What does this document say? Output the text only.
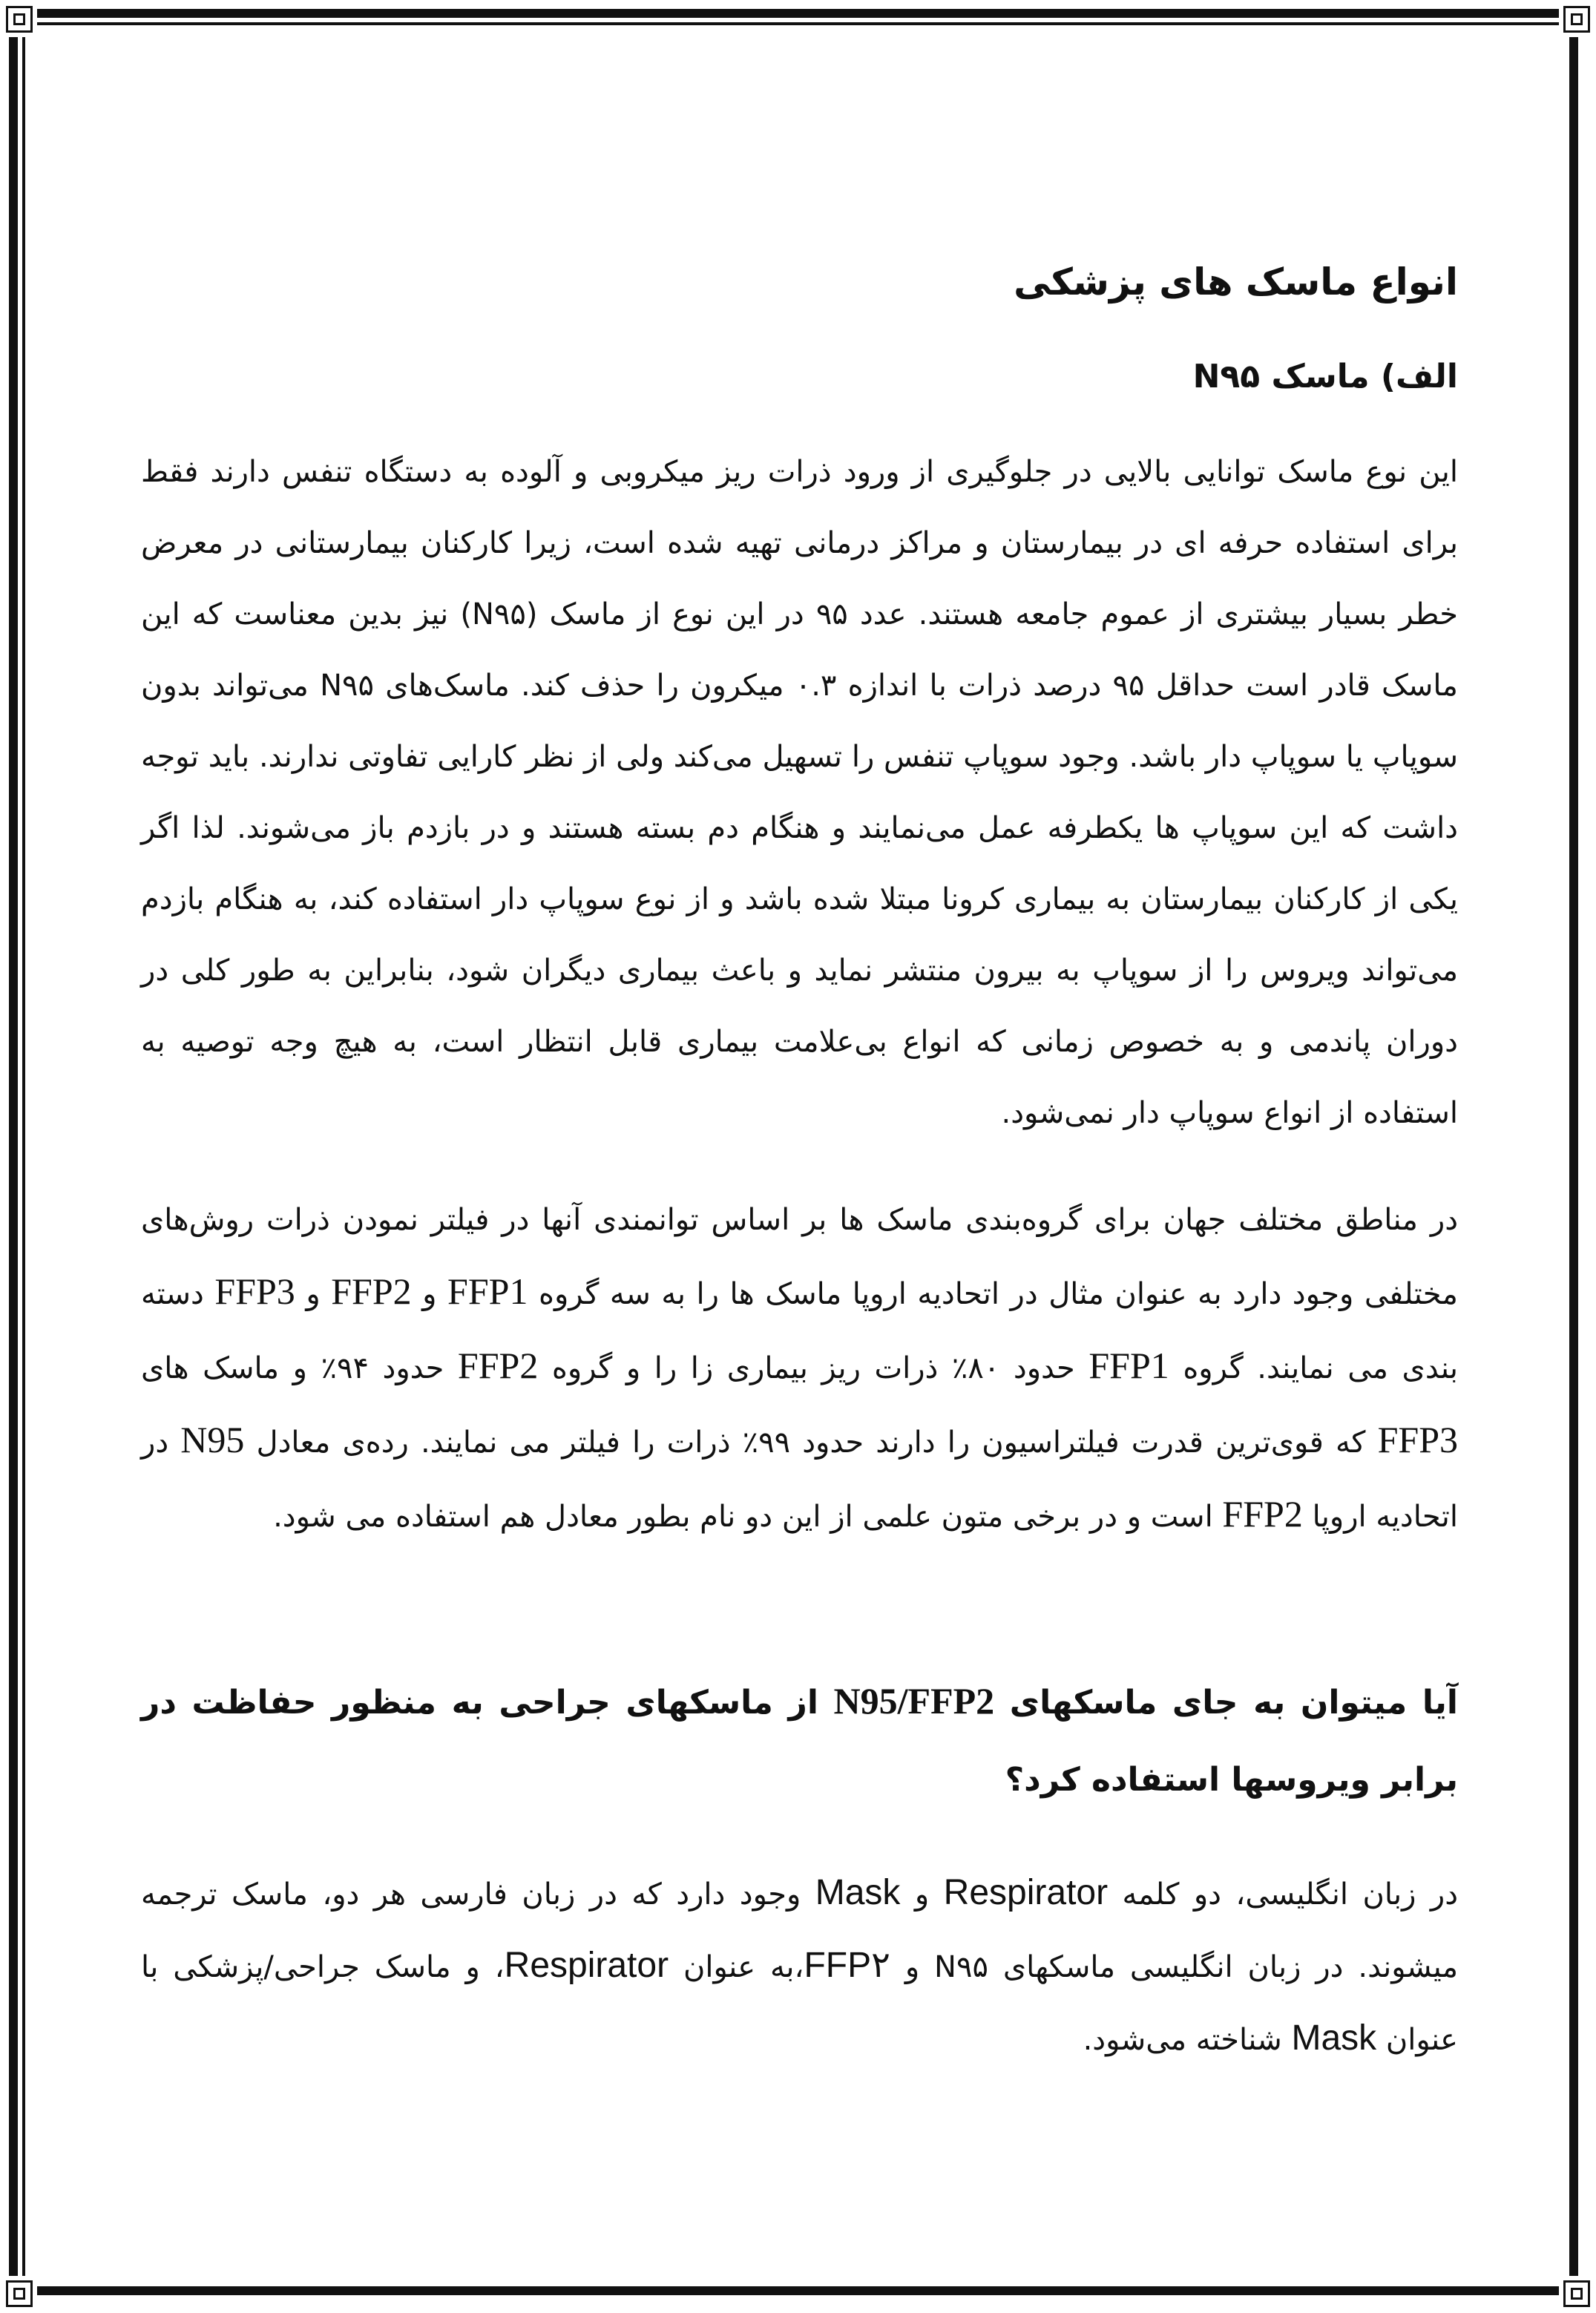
انواع ماسک های پزشکی
الف) ماسک N۹۵

این نوع ماسک توانایی بالایی در جلوگیری از ورود ذرات ریز میکروبی و آلوده به دستگاه تنفس دارند فقط برای استفاده حرفه ای در بیمارستان و مراکز درمانی تهیه شده است، زیرا کارکنان بیمارستانی در معرض خطر بسیار بیشتری از عموم جامعه هستند. عدد ۹۵ در این نوع از ماسک (N۹۵) نیز بدین معناست که این ماسک قادر است حداقل ۹۵ درصد ذرات با اندازه ۰.۳ میکرون را حذف کند. ماسک‌های N۹۵ می‌تواند بدون سوپاپ یا سوپاپ دار باشد. وجود سوپاپ تنفس را تسهیل می‌کند ولی از نظر کارایی تفاوتی ندارند. باید توجه داشت که این سوپاپ ها یکطرفه عمل می‌نمایند و هنگام دم بسته هستند و در بازدم باز می‌شوند. لذا اگر یکی از کارکنان بیمارستان به بیماری کرونا مبتلا شده باشد و از نوع سوپاپ دار استفاده کند، به هنگام بازدم می‌تواند ویروس را از سوپاپ به بیرون منتشر نماید و باعث بیماری دیگران شود، بنابراین به طور کلی در دوران پاندمی و به خصوص زمانی که انواع بی‌علامت بیماری قابل انتظار است، به هیچ وجه توصیه به استفاده از انواع سوپاپ دار نمی‌شود.

در مناطق مختلف جهان برای گروه‌بندی ماسک ها بر اساس توانمندی آنها در فیلتر نمودن ذرات روش‌های مختلفی وجود دارد به عنوان مثال در اتحادیه اروپا ماسک ها را به سه گروه FFP1 و FFP2 و FFP3 دسته بندی می نمایند. گروه FFP1 حدود ۸۰٪ ذرات ریز بیماری زا را و گروه FFP2 حدود ۹۴٪ و ماسک های FFP3 که قوی‌ترین قدرت فیلتراسیون را دارند حدود ۹۹٪ ذرات را فیلتر می نمایند. رده‌ی معادل N95 در اتحادیه اروپا FFP2 است و در برخی متون علمی از این دو نام بطور معادل هم استفاده می شود.

آیا میتوان به جای ماسکهای N95/FFP2 از ماسکهای جراحی به منظور حفاظت در برابر ویروسها استفاده کرد؟

در زبان انگلیسی، دو کلمه Respirator و Mask وجود دارد که در زبان فارسی هر دو، ماسک ترجمه میشوند. در زبان انگلیسی ماسکهای N۹۵ و FFP۲،به عنوان Respirator، و ماسک جراحی/پزشکی با عنوان Mask شناخته می‌شود.
